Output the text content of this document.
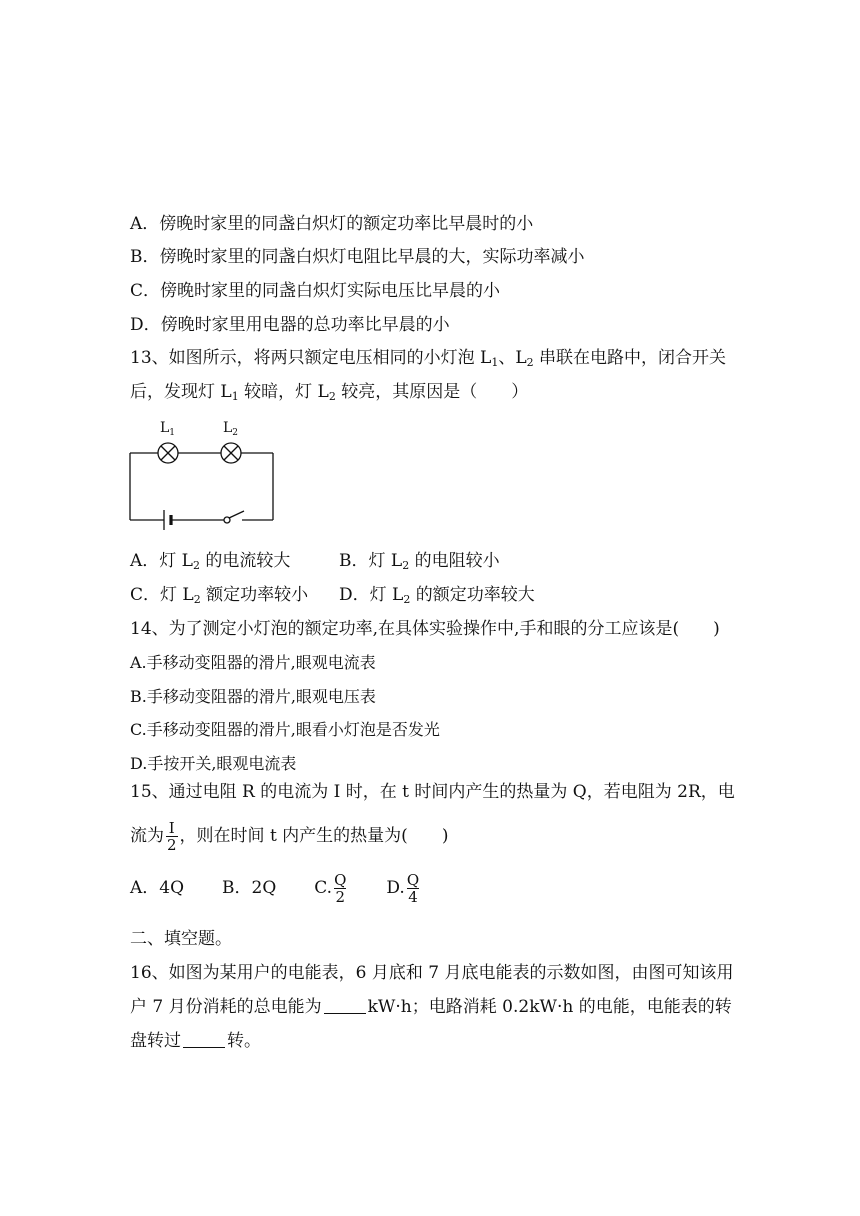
A．傍晚时家里的同盏白炽灯的额定功率比早晨时的小
B．傍晚时家里的同盏白炽灯电阻比早晨的大，实际功率减小
C．傍晚时家里的同盏白炽灯实际电压比早晨的小
D．傍晚时家里用电器的总功率比早晨的小
13、如图所示，将两只额定电压相同的小灯泡 $L_1$、$L_2$ 串联在电路中，闭合开关
后，发现灯 $L_1$ 较暗，灯 $L_2$ 较亮，其原因是（　　）
$L_1$	$L_2$
A．灯 $L_2$ 的电流较大	B．灯 $L_2$ 的电阻较小
C．灯 $L_2$ 额定功率较小 D．灯 $L_2$ 的额定功率较大
14、为了测定小灯泡的额定功率,在具体实验操作中,手和眼的分工应该是(　　)
A.手移动变阻器的滑片,眼观电流表
B.手移动变阻器的滑片,眼观电压表
C.手移动变阻器的滑片,眼看小灯泡是否发光
D.手按开关,眼观电流表
15、通过电阻 R 的电流为 I 时，在 t 时间内产生的热量为 Q，若电阻为 2R，电
流为 $\frac{I}{2}$ ，则在时间 t 内产生的热量为(　　)
A．4Q B．2Q C. $\frac{Q}{2} D$. $\frac{Q}{4}$
二、填空题。
16、如图为某用户的电能表，6 月底和 7 月底电能表的示数如图，由图可知该用
户 7 月份消耗的总电能为	kW·h；电路消耗 0.2kW·h 的电能，电能表的转
盘转过	转。
